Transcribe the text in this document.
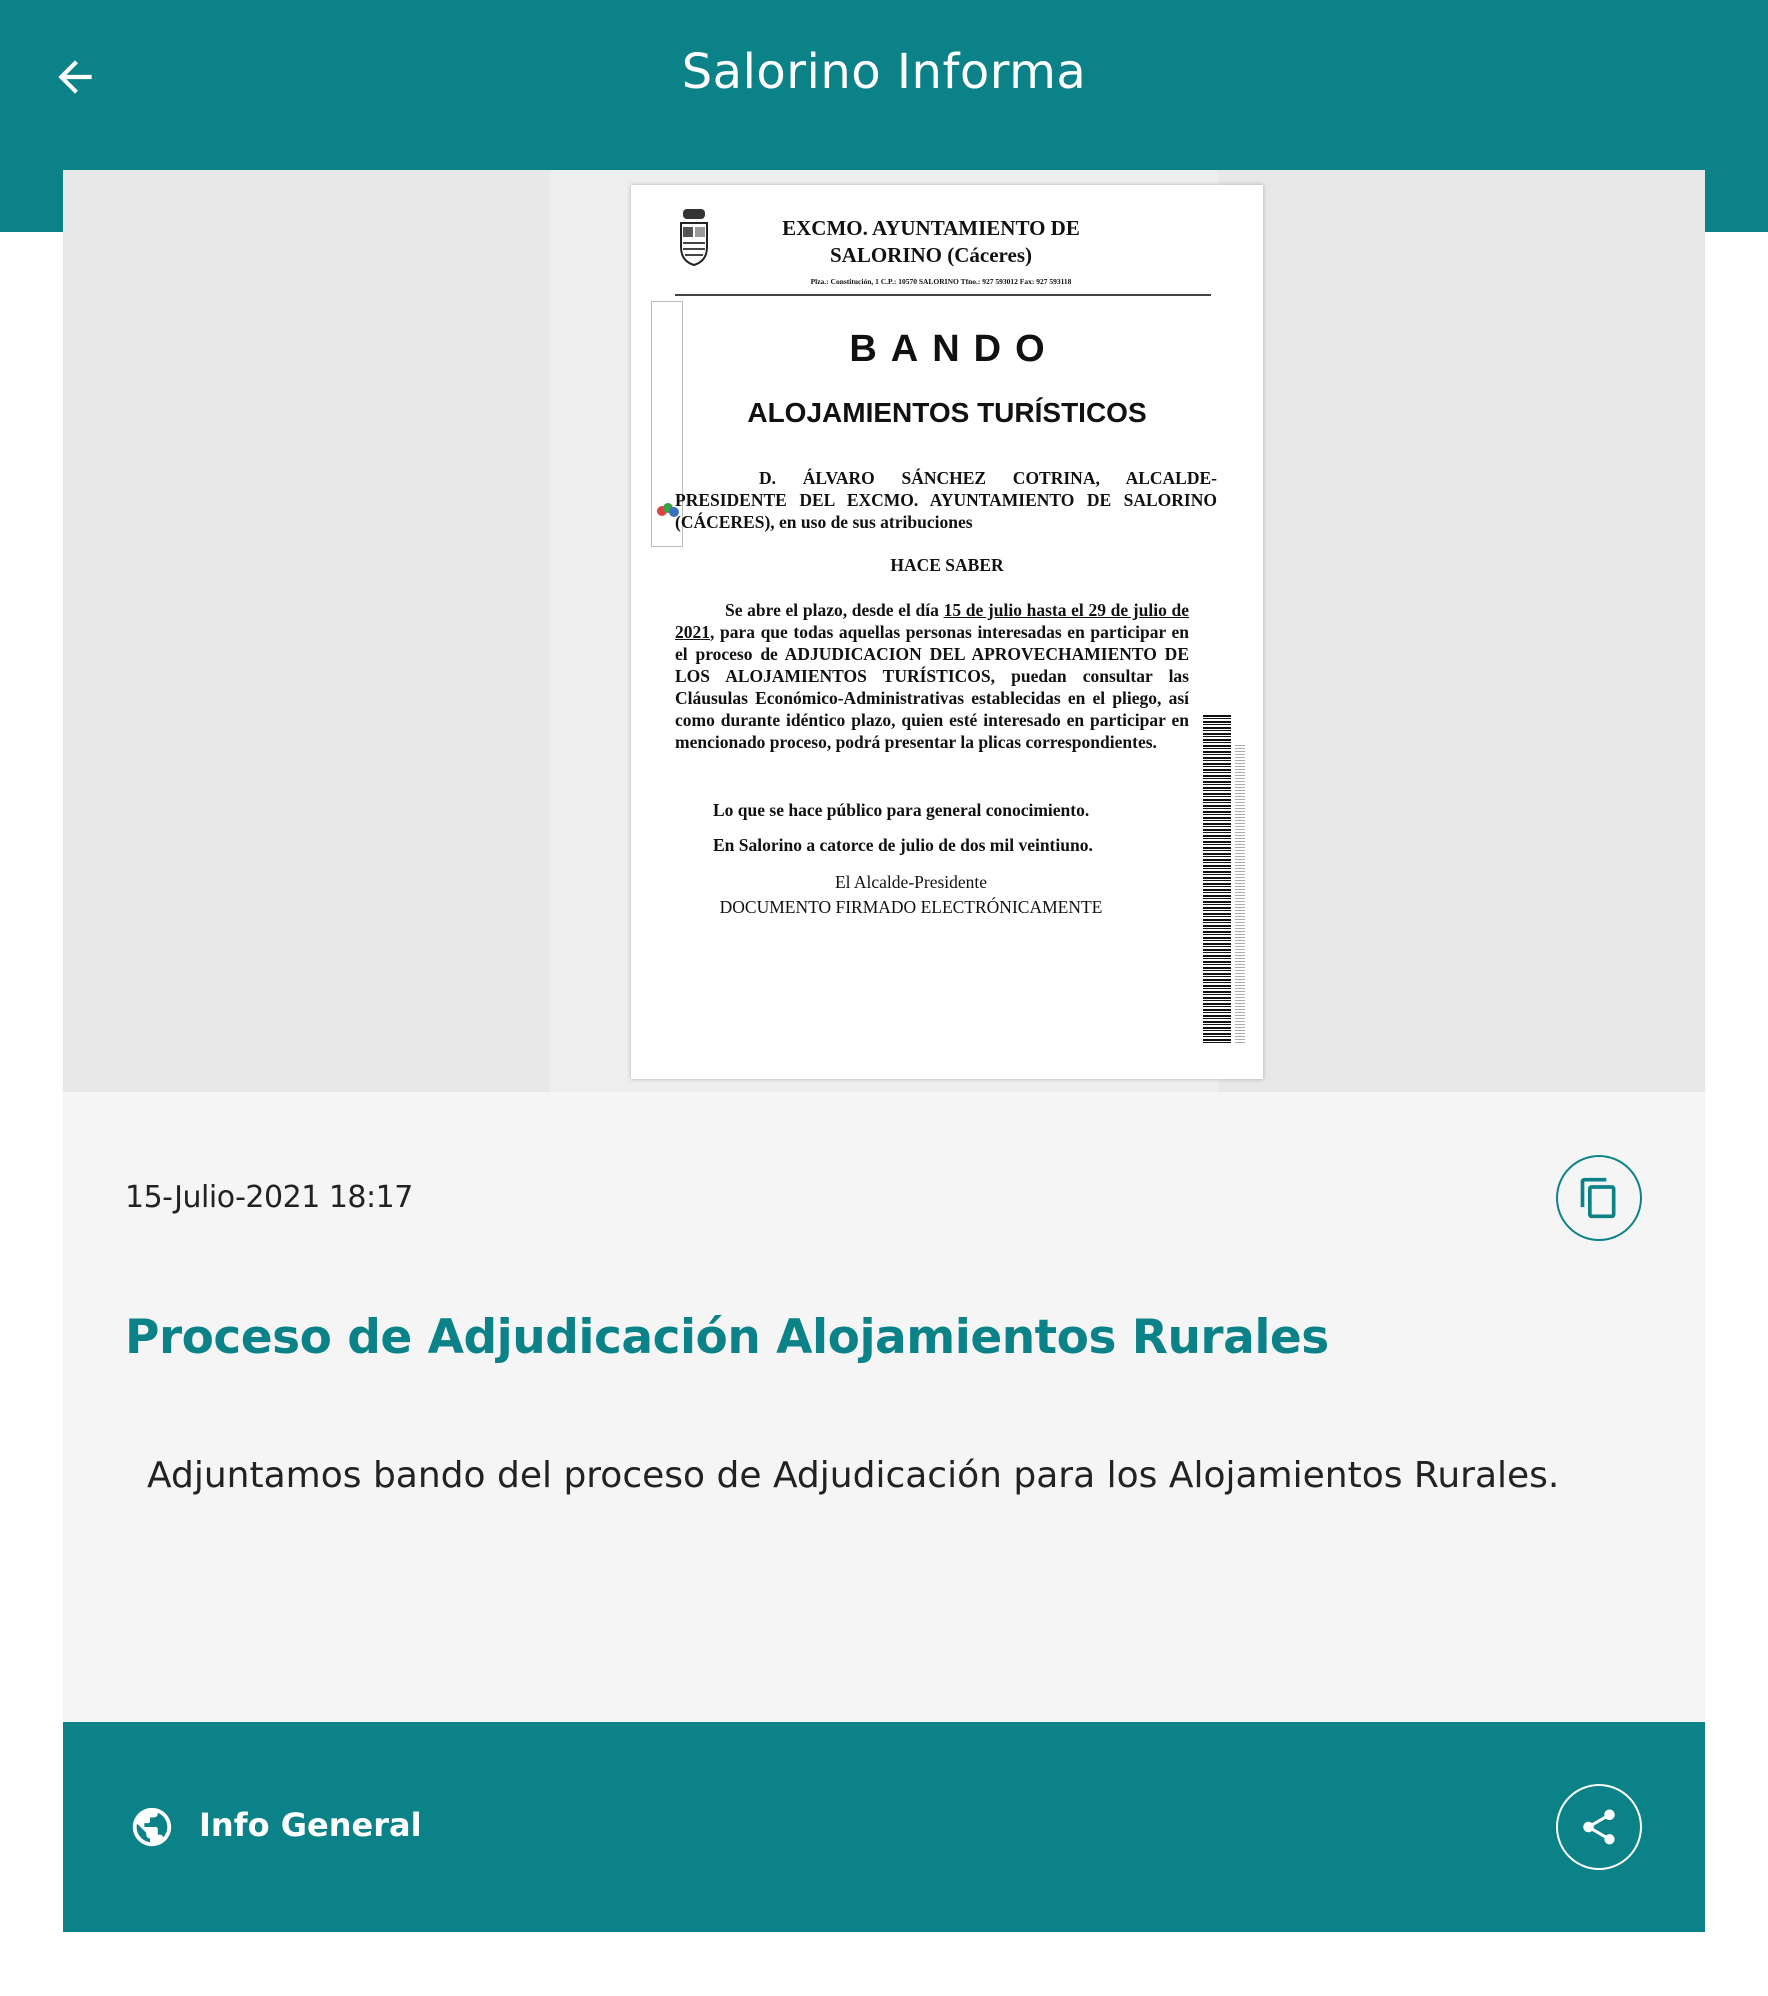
Salorino Informa
EXCMO. AYUNTAMIENTO DE
SALORINO (Cáceres)
Plza.: Constitución, 1 C.P.: 10570 SALORINO Tfno.: 927 593012 Fax: 927 593118
BANDO
ALOJAMIENTOS TURÍSTICOS
D. ÁLVARO SÁNCHEZ COTRINA, ALCALDE-PRESIDENTE DEL EXCMO. AYUNTAMIENTO DE SALORINO (CÁCERES), en uso de sus atribuciones
HACE SABER
Se abre el plazo, desde el día 15 de julio hasta el 29 de julio de 2021, para que todas aquellas personas interesadas en participar en el proceso de ADJUDICACION DEL APROVECHAMIENTO DE LOS ALOJAMIENTOS TURÍSTICOS, puedan consultar las Cláusulas Económico-Administrativas establecidas en el pliego, así como durante idéntico plazo, quien esté interesado en participar en mencionado proceso, podrá presentar la plicas correspondientes.
Lo que se hace público para general conocimiento.
En Salorino a catorce de julio de dos mil veintiuno.
El Alcalde-Presidente
DOCUMENTO FIRMADO ELECTRÓNICAMENTE
15-Julio-2021 18:17
Proceso de Adjudicación Alojamientos Rurales
Adjuntamos bando del proceso de Adjudicación para los Alojamientos Rurales.
Info General
